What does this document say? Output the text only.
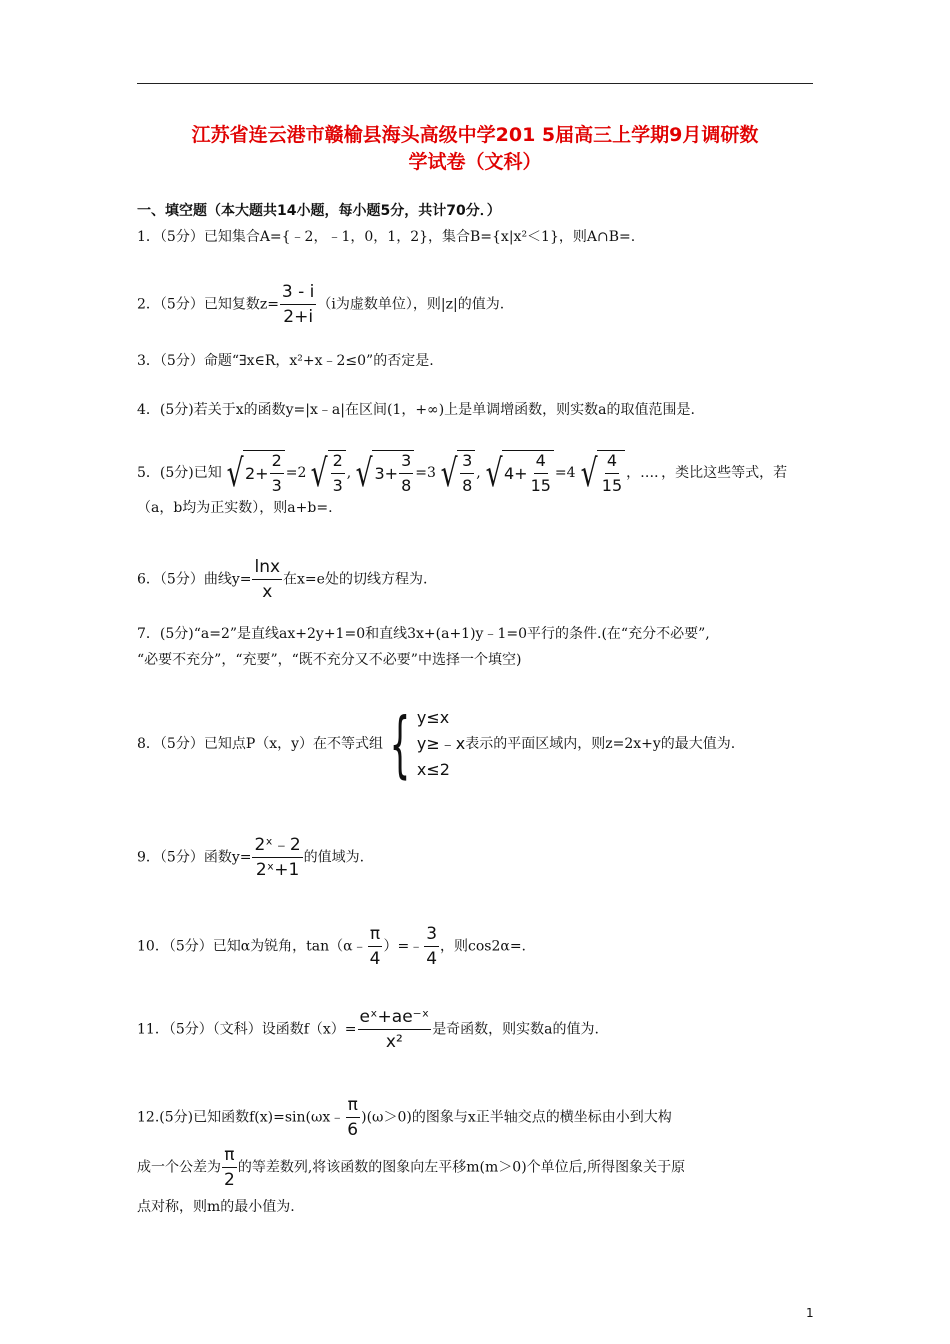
江苏省连云港市赣榆县海头高级中学201 5届高三上学期9月调研数
学试卷（文科）
一、填空题（本大题共14小题，每小题5分，共计70分．）
1．（5分）已知集合A={﹣2，﹣1，0，1，2}，集合B={x|x²＜1}，则A∩B=.
2．（5分）已知复数$z= \frac{3 - i}{2+i} (i$为虚数单位），则|z|的值为.
3．（5分）命题“∃x∈R，x²+x﹣2≤0”的否定是.
4．(5分)若关于x的函数y=|x﹣a|在区间(1，+∞)上是单调增函数，则实数a的取值范围是.
5．(5分)已知 √ $2+ \frac{2}{3} =2$ √ $\frac{2}{3}$ , √ $3+ \frac{3}{8} =3$ √ $\frac{3}{8}$ , √ $4+ \frac{4}{15} =4$ √ $\frac{4}{15}$ ，…．，类比这些等式，若
（a，b均为正实数），则a+b=.
6．（5分）曲线$y= \frac{\ln x}{x}$ 在x=e处的切线方程为.
7．(5分)“a=2”是直线ax+2y+1=0和直线3x+(a+1)y﹣1=0平行的条件.(在“充分不必要”,
“必要不充分”，“充要”，“既不充分又不必要”中选择一个填空)
8．（5分）已知点P（x，y）在不等式组 { y≤x
y≥﹣x
x≤2
表示的平面区域内，则z=2x+y的最大值为.
9．（5分）函数$y= \frac{\text{2ˣ﹣2}}{\text{2ˣ+1}}$ 的值域为.
10．（5分）已知α为锐角，tan（α﹣ $\frac{\pi}{4}$ ）=﹣ $\frac{3}{4}$ ，则cos2α=.
11．（5分）（文科）设函数$f(x)= \frac{\text{eˣ+ae⁻ˣ}}{\text{x²}}$ 是奇函数，则实数a的值为.
12.(5分)已知函数f(x)=sin(ωx﹣ $\frac{\pi}{6} )(\omega>0)$的图象与x正半轴交点的横坐标由小到大构
成一个公差为 $\frac{\pi}{2}$ 的等差数列,将该函数的图象向左平移m(m＞0)个单位后,所得图象关于原
点对称，则m的最小值为.
1
